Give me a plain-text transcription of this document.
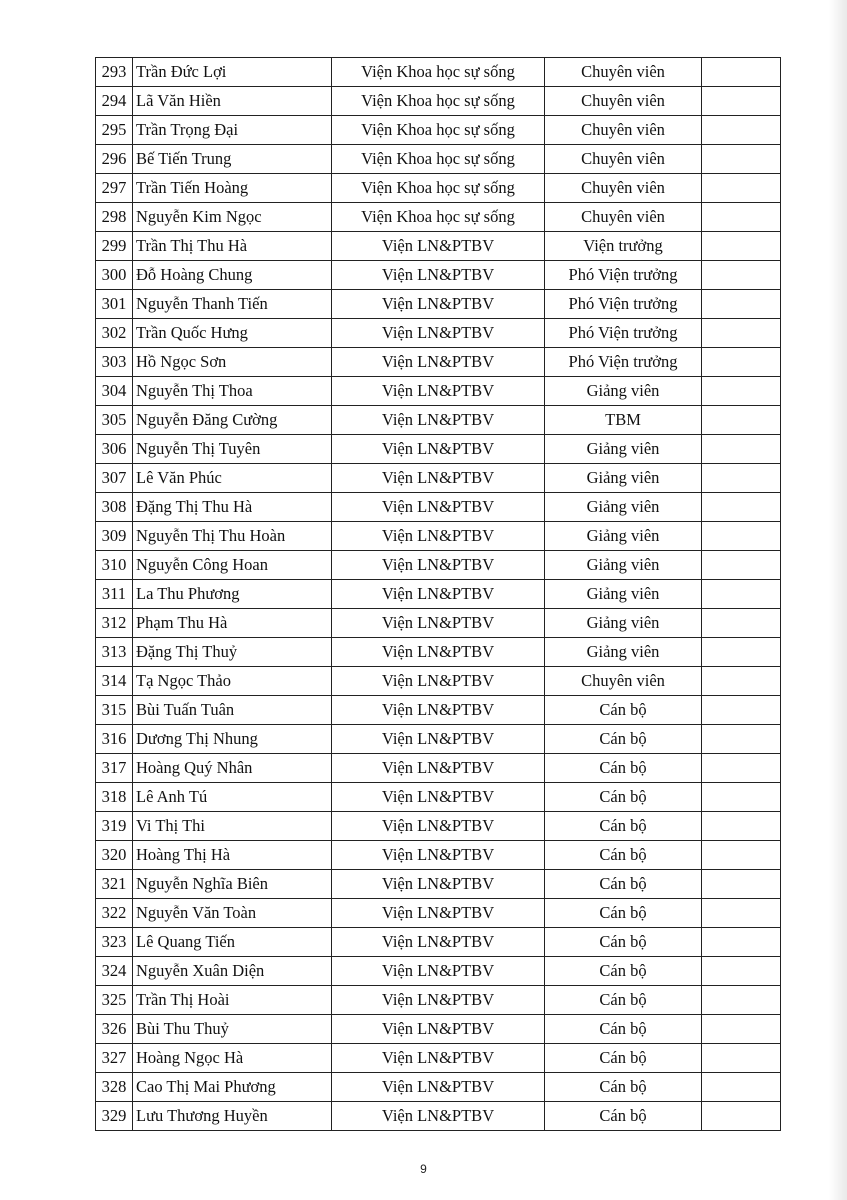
293	Trần Đức Lợi	Viện Khoa học sự sống	Chuyên viên	
294	Lã Văn Hiền	Viện Khoa học sự sống	Chuyên viên	
295	Trần Trọng Đại	Viện Khoa học sự sống	Chuyên viên	
296	Bế Tiến Trung	Viện Khoa học sự sống	Chuyên viên	
297	Trần Tiến Hoàng	Viện Khoa học sự sống	Chuyên viên	
298	Nguyễn Kim Ngọc	Viện Khoa học sự sống	Chuyên viên	
299	Trần Thị Thu Hà	Viện LN&PTBV	Viện trưởng	
300	Đỗ Hoàng Chung	Viện LN&PTBV	Phó Viện trưởng	
301	Nguyễn Thanh Tiến	Viện LN&PTBV	Phó Viện trưởng	
302	Trần Quốc Hưng	Viện LN&PTBV	Phó Viện trưởng	
303	Hồ Ngọc Sơn	Viện LN&PTBV	Phó Viện trưởng	
304	Nguyễn Thị Thoa	Viện LN&PTBV	Giảng viên	
305	Nguyễn Đăng Cường	Viện LN&PTBV	TBM	
306	Nguyễn Thị Tuyên	Viện LN&PTBV	Giảng viên	
307	Lê Văn Phúc	Viện LN&PTBV	Giảng viên	
308	Đặng Thị Thu Hà	Viện LN&PTBV	Giảng viên	
309	Nguyễn Thị Thu Hoàn	Viện LN&PTBV	Giảng viên	
310	Nguyễn Công Hoan	Viện LN&PTBV	Giảng viên	
311	La Thu Phương	Viện LN&PTBV	Giảng viên	
312	Phạm Thu Hà	Viện LN&PTBV	Giảng viên	
313	Đặng Thị Thuỷ	Viện LN&PTBV	Giảng viên	
314	Tạ Ngọc Thảo	Viện LN&PTBV	Chuyên viên	
315	Bùi Tuấn Tuân	Viện LN&PTBV	Cán bộ	
316	Dương Thị Nhung	Viện LN&PTBV	Cán bộ	
317	Hoàng Quý Nhân	Viện LN&PTBV	Cán bộ	
318	Lê Anh Tú	Viện LN&PTBV	Cán bộ	
319	Vi Thị Thi	Viện LN&PTBV	Cán bộ	
320	Hoàng Thị Hà	Viện LN&PTBV	Cán bộ	
321	Nguyễn Nghĩa Biên	Viện LN&PTBV	Cán bộ	
322	Nguyễn Văn Toàn	Viện LN&PTBV	Cán bộ	
323	Lê Quang Tiến	Viện LN&PTBV	Cán bộ	
324	Nguyễn Xuân Diện	Viện LN&PTBV	Cán bộ	
325	Trần Thị Hoài	Viện LN&PTBV	Cán bộ	
326	Bùi Thu Thuỷ	Viện LN&PTBV	Cán bộ	
327	Hoàng Ngọc Hà	Viện LN&PTBV	Cán bộ	
328	Cao Thị Mai Phương	Viện LN&PTBV	Cán bộ	
329	Lưu Thương Huyền	Viện LN&PTBV	Cán bộ	
9
